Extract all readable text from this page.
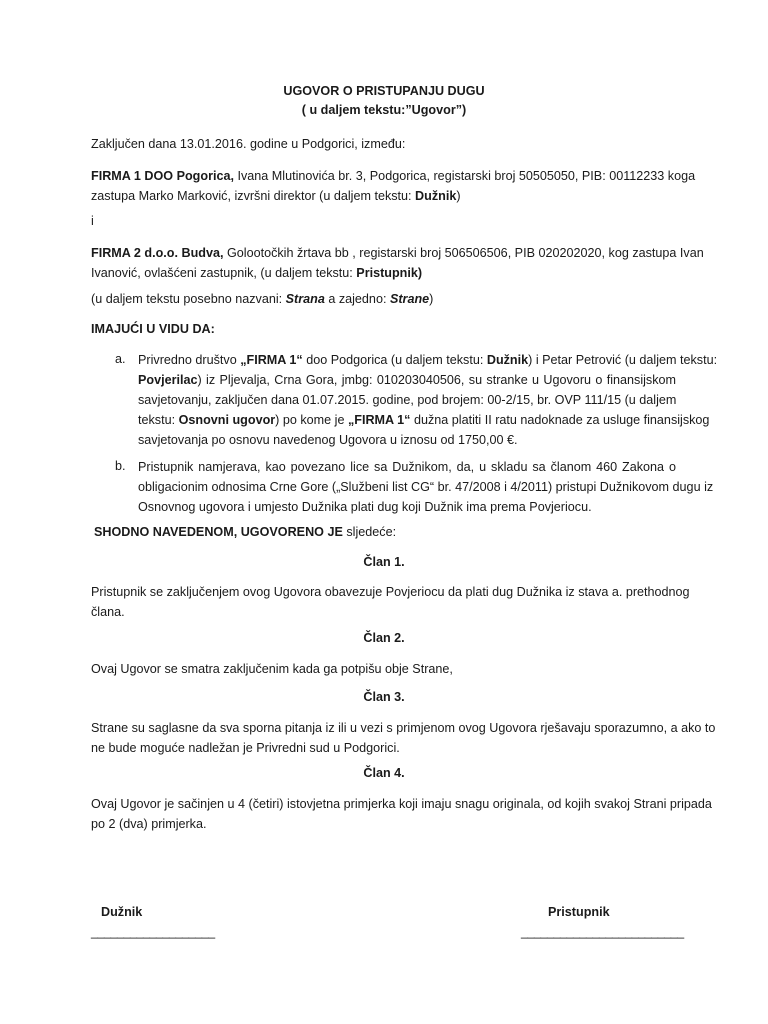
UGOVOR O PRISTUPANJU DUGU
( u daljem tekstu:”Ugovor”)
Zaključen dana 13.01.2016. godine u Podgorici, između:
FIRMA 1 DOO Pogorica, Ivana Mlutinovića br. 3, Podgorica, registarski broj 50505050, PIB: 00112233 koga
zastupa Marko Marković, izvršni direktor (u daljem tekstu: Dužnik)
i
FIRMA 2 d.o.o. Budva, Golootočkih žrtava bb , registarski broj 506506506, PIB 020202020, kog zastupa Ivan
Ivanović, ovlašćeni zastupnik, (u daljem tekstu: Pristupnik)
(u daljem tekstu posebno nazvani: Strana a zajedno: Strane)
IMAJUĆI U VIDU DA:
a. Privredno društvo „FIRMA 1“ doo Podgorica (u daljem tekstu: Dužnik) i Petar Petrović (u daljem tekstu:
Povjerilac) iz Pljevalja, Crna Gora, jmbg: 010203040506, su stranke u Ugovoru o finansijskom
savjetovanju, zaključen dana 01.07.2015. godine, pod brojem: 00-2/15, br. OVP 111/15 (u daljem
tekstu: Osnovni ugovor) po kome je „FIRMA 1“ dužna platiti II ratu nadoknade za usluge finansijskog
savjetovanja po osnovu navedenog Ugovora u iznosu od 1750,00 €.
b. Pristupnik namjerava, kao povezano lice sa Dužnikom, da, u skladu sa članom 460 Zakona o
obligacionim odnosima Crne Gore („Službeni list CG“ br. 47/2008 i 4/2011) pristupi Dužnikovom dugu iz
Osnovnog ugovora i umjesto Dužnika plati dug koji Dužnik ima prema Povjeriocu.
SHODNO NAVEDENOM, UGOVORENO JE sljedeće:
Član 1.
Pristupnik se zaključenjem ovog Ugovora obavezuje Povjeriocu da plati dug Dužnika iz stava a. prethodnog
člana.
Član 2.
Ovaj Ugovor se smatra zaključenim kada ga potpišu obje Strane,
Član 3.
Strane su saglasne da sva sporna pitanja iz ili u vezi s primjenom ovog Ugovora rješavaju sporazumno, a ako to
ne bude moguće nadležan je Privredni sud u Podgorici.
Član 4.
Ovaj Ugovor je sačinjen u 4 (četiri) istovjetna primjerka koji imaju snagu originala, od kojih svakoj Strani pripada
po 2 (dva) primjerka.
Dužnik
___________________
Pristupnik
_________________________
